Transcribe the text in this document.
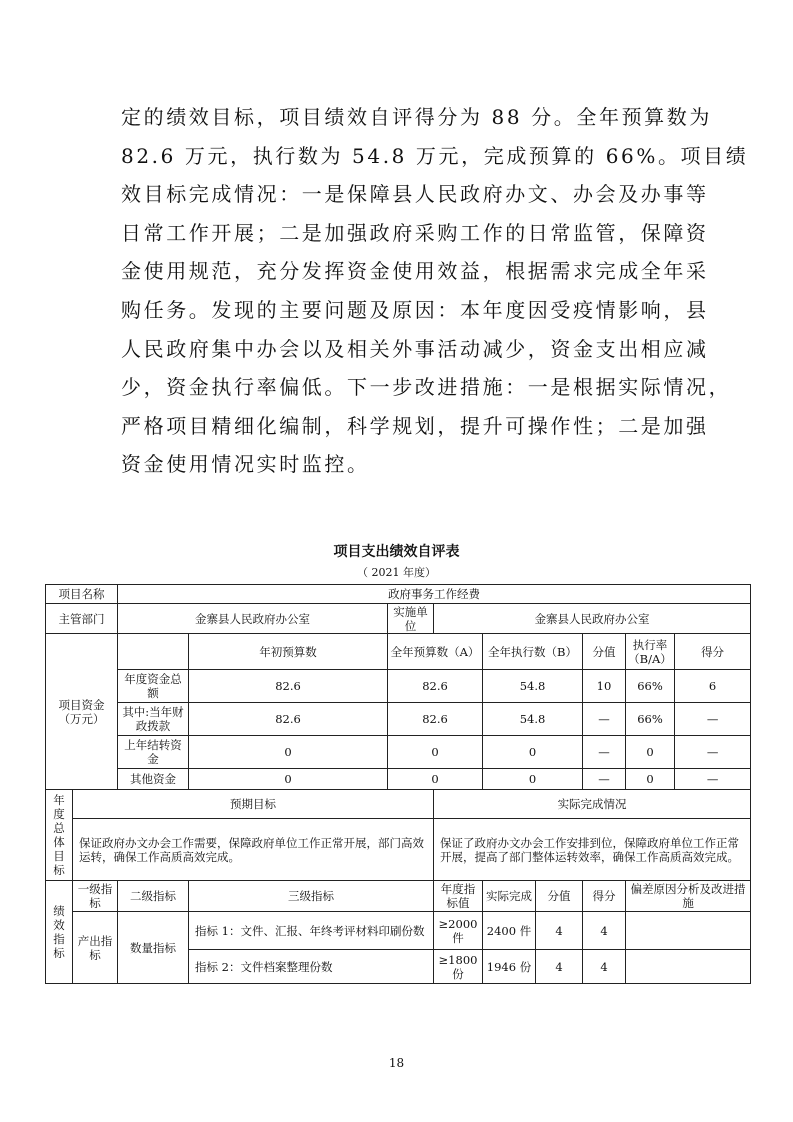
定的绩效目标，项目绩效自评得分为 88 分。全年预算数为
82.6 万元，执行数为 54.8 万元，完成预算的 66%。项目绩
效目标完成情况：一是保障县人民政府办文、办会及办事等
日常工作开展；二是加强政府采购工作的日常监管，保障资
金使用规范，充分发挥资金使用效益，根据需求完成全年采
购任务。发现的主要问题及原因：本年度因受疫情影响，县
人民政府集中办会以及相关外事活动减少，资金支出相应减
少，资金执行率偏低。下一步改进措施：一是根据实际情况，
严格项目精细化编制，科学规划，提升可操作性；二是加强
资金使用情况实时监控。
项目支出绩效自评表
（ 2021 年度）
项目名称		政府事务工作经费								
主管部门		金寨县人民政府办公室		实施单位	金寨县人民政府办公室					
项目资金（万元）			年初预算数	全年预算数（A）		全年执行数（B）		分值	执行率（B/A）	得分
		年度资金总额	82.6	82.6		54.8		10	66%	6
		其中:当年财政拨款	82.6	82.6		54.8		—	66%	—
		上年结转资金	0	0		0		—	0	—
		其他资金	0	0		0		—	0	—
年度总体目标	预期目标				实际完成情况					
	保证政府办文办会工作需要，保障政府单位工作正常开展，部门高效运转，确保工作高质高效完成。				保证了政府办文办会工作安排到位，保障政府单位工作正常开展，提高了部门整体运转效率，确保工作高质高效完成。					
绩效指标	一级指标	二级指标	三级指标		年度指标值	实际完成	分值	得分	偏差原因分析及改进措施	
	产出指标	数量指标	指标 1：文件、汇报、年终考评材料印刷份数		≥2000件	2400 件	4	4		
			指标 2：文件档案整理份数		≥1800份	1946 份	4	4		
18
